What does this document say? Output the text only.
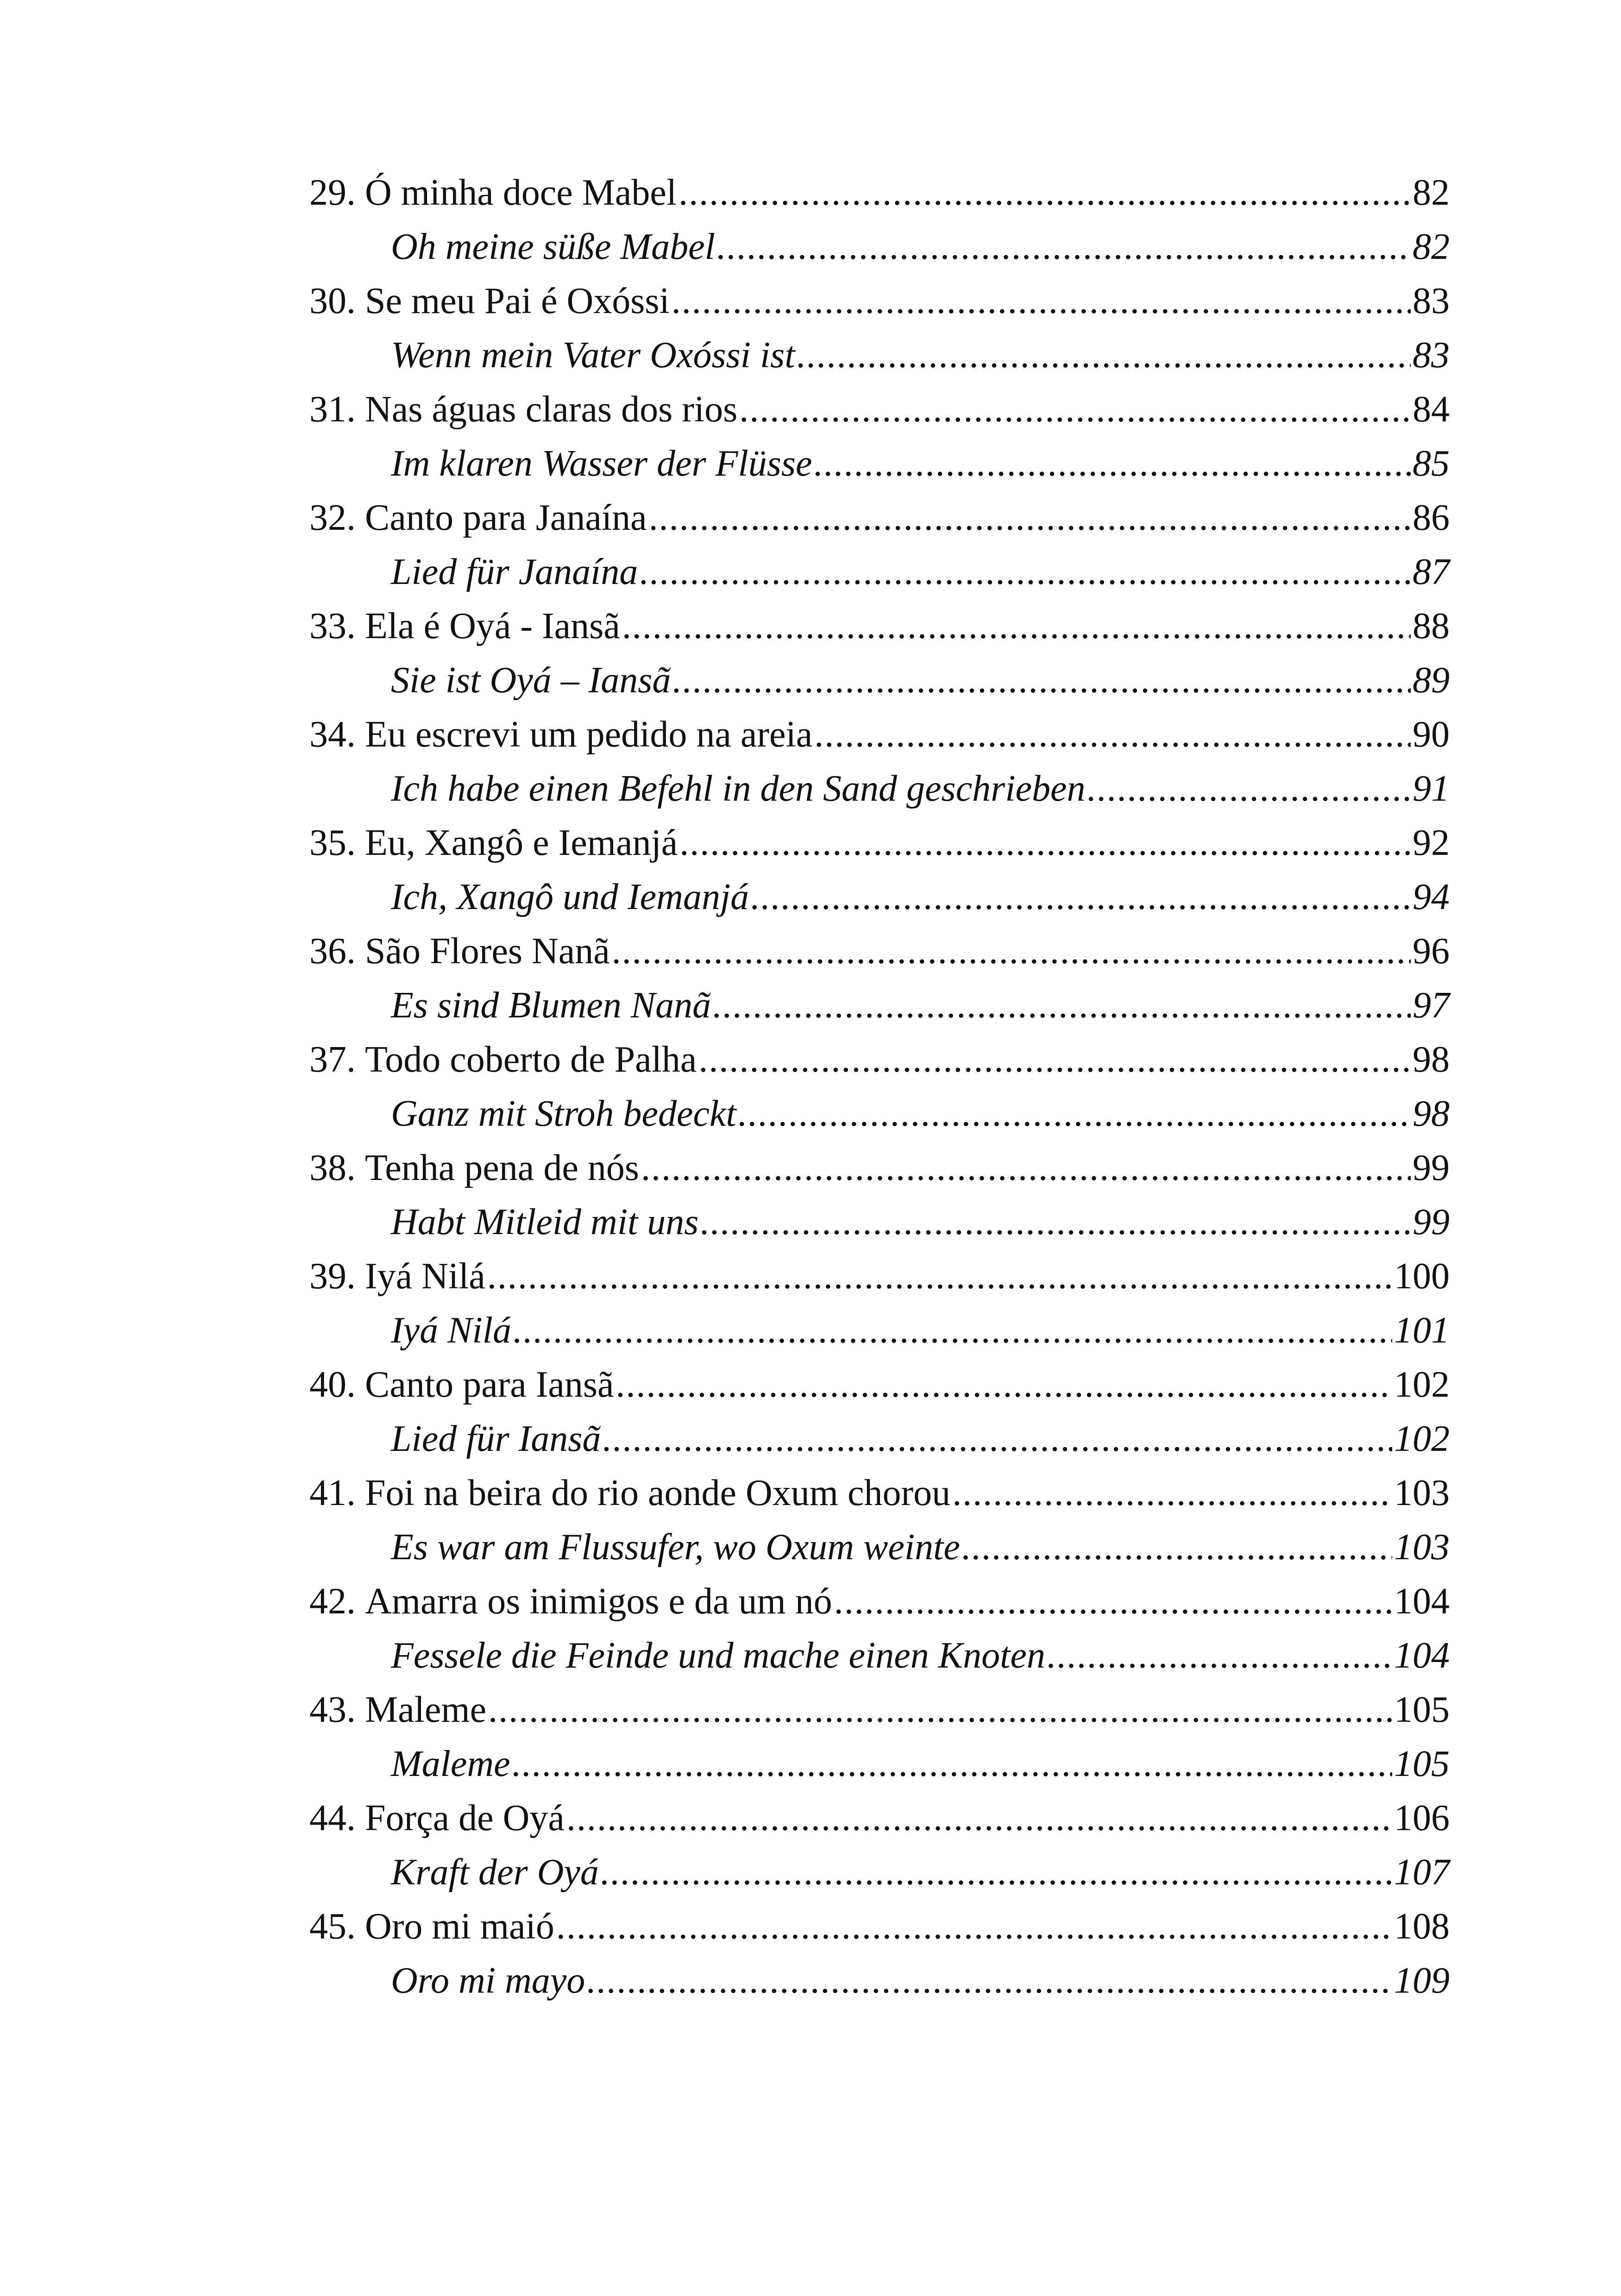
29. Ó minha doce Mabel .....	82
Oh meine süße Mabel .....	82
30. Se meu Pai é Oxóssi .....	83
Wenn mein Vater Oxóssi ist .....	83
31. Nas águas claras dos rios .....	84
Im klaren Wasser der Flüsse .....	85
32. Canto para Janaína .....	86
Lied für Janaína .....	87
33. Ela é Oyá - Iansã .....	88
Sie ist Oyá – Iansã .....	89
34. Eu escrevi um pedido na areia .....	90
Ich habe einen Befehl in den Sand geschrieben .....	91
35. Eu, Xangô e Iemanjá .....	92
Ich, Xangô und Iemanjá .....	94
36. São Flores Nanã .....	96
Es sind Blumen Nanã .....	97
37. Todo coberto de Palha .....	98
Ganz mit Stroh bedeckt .....	98
38. Tenha pena de nós .....	99
Habt Mitleid mit uns .....	99
39. Iyá Nilá .....	100
Iyá Nilá .....	101
40. Canto para Iansã .....	102
Lied für Iansã .....	102
41. Foi na beira do rio aonde Oxum chorou .....	103
Es war am Flussufer, wo Oxum weinte .....	103
42. Amarra os inimigos e da um nó .....	104
Fessele die Feinde und mache einen Knoten .....	104
43. Maleme .....	105
Maleme .....	105
44. Força de Oyá .....	106
Kraft der Oyá .....	107
45. Oro mi maió .....	108
Oro mi mayo .....	109
